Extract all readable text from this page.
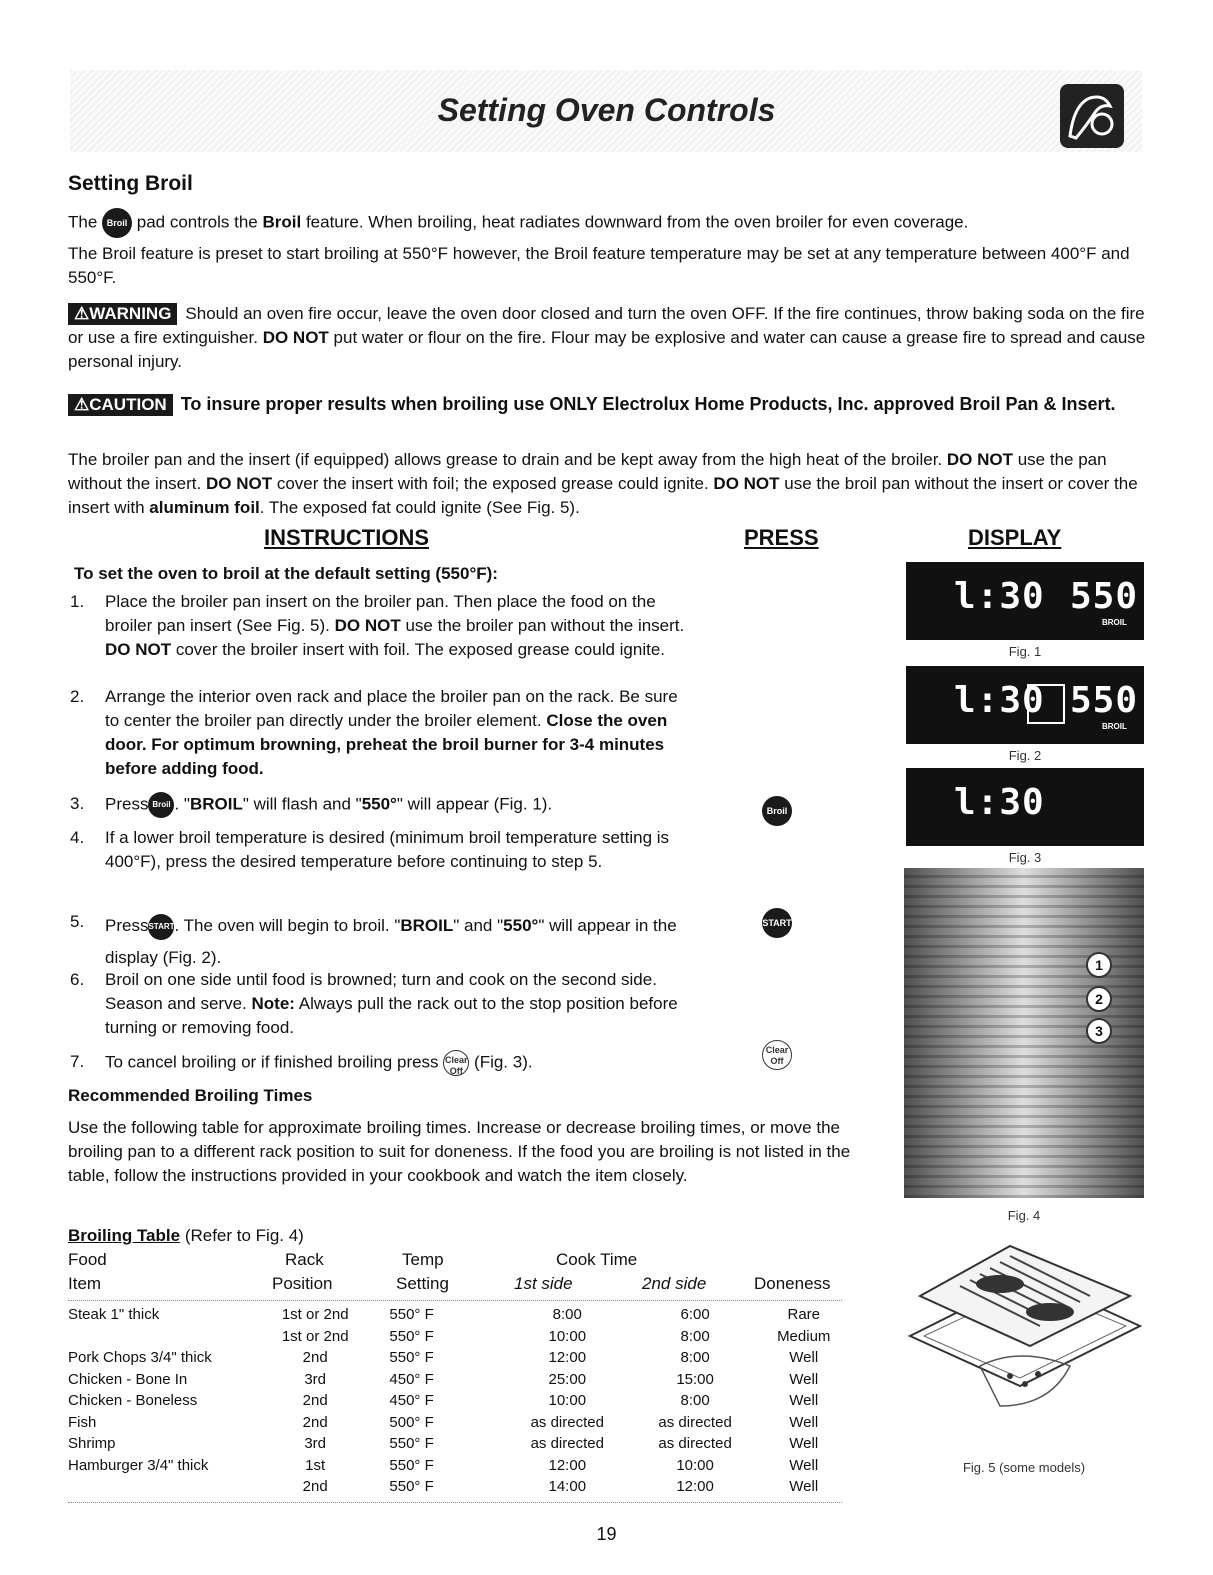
Setting Oven Controls
Setting Broil
The Broil pad controls the Broil feature. When broiling, heat radiates downward from the oven broiler for even coverage.
The Broil feature is preset to start broiling at 550°F however, the Broil feature temperature may be set at any temperature between 400°F and 550°F.
⚠WARNING Should an oven fire occur, leave the oven door closed and turn the oven OFF. If the fire continues, throw baking soda on the fire or use a fire extinguisher. DO NOT put water or flour on the fire. Flour may be explosive and water can cause a grease fire to spread and cause personal injury.
⚠CAUTION To insure proper results when broiling use ONLY Electrolux Home Products, Inc. approved Broil Pan & Insert.
The broiler pan and the insert (if equipped) allows grease to drain and be kept away from the high heat of the broiler. DO NOT use the pan without the insert. DO NOT cover the insert with foil; the exposed grease could ignite. DO NOT use the broil pan without the insert or cover the insert with aluminum foil. The exposed fat could ignite (See Fig. 5).
INSTRUCTIONS	PRESS	DISPLAY
To set the oven to broil at the default setting (550°F):
1. Place the broiler pan insert on the broiler pan. Then place the food on the broiler pan insert (See Fig. 5). DO NOT use the broiler pan without the insert. DO NOT cover the broiler insert with foil. The exposed grease could ignite.
2. Arrange the interior oven rack and place the broiler pan on the rack. Be sure to center the broiler pan directly under the broiler element. Close the oven door. For optimum browning, preheat the broil burner for 3-4 minutes before adding food.
3. Press Broil . "BROIL" will flash and "550°" will appear (Fig. 1).
4. If a lower broil temperature is desired (minimum broil temperature setting is 400°F), press the desired temperature before continuing to step 5.
5. PressSTART. The oven will begin to broil. "BROIL" and "550°" will appear in the display (Fig. 2).
6. Broil on one side until food is browned; turn and cook on the second side. Season and serve. Note: Always pull the rack out to the stop position before turning or removing food.
7. To cancel broiling or if finished broiling press Clear Off (Fig. 3).
Broil
START
Clear Off
l:30 550
BROIL
Fig. 1
l:30 550
BROIL
Fig. 2
l:30
Fig. 3
1
2
3
Fig. 4
Fig. 5 (some models)
Recommended Broiling Times
Use the following table for approximate broiling times. Increase or decrease broiling times, or move the broiling pan to a different rack position to suit for doneness. If the food you are broiling is not listed in the table, follow the instructions provided in your cookbook and watch the item closely.
Broiling Table (Refer to Fig. 4)
Food	Rack	Temp	Cook Time
Item	Position	Setting	1st side	2nd side	Doneness
Steak 1" thick	1st or 2nd	550° F	8:00	6:00	Rare
	1st or 2nd	550° F	10:00	8:00	Medium
Pork Chops 3/4" thick	2nd	550° F	12:00	8:00	Well
Chicken - Bone In	3rd	450° F	25:00	15:00	Well
Chicken - Boneless	2nd	450° F	10:00	8:00	Well
Fish	2nd	500° F	as directed	as directed	Well
Shrimp	3rd	550° F	as directed	as directed	Well
Hamburger 3/4" thick	1st	550° F	12:00	10:00	Well
	2nd	550° F	14:00	12:00	Well
19
